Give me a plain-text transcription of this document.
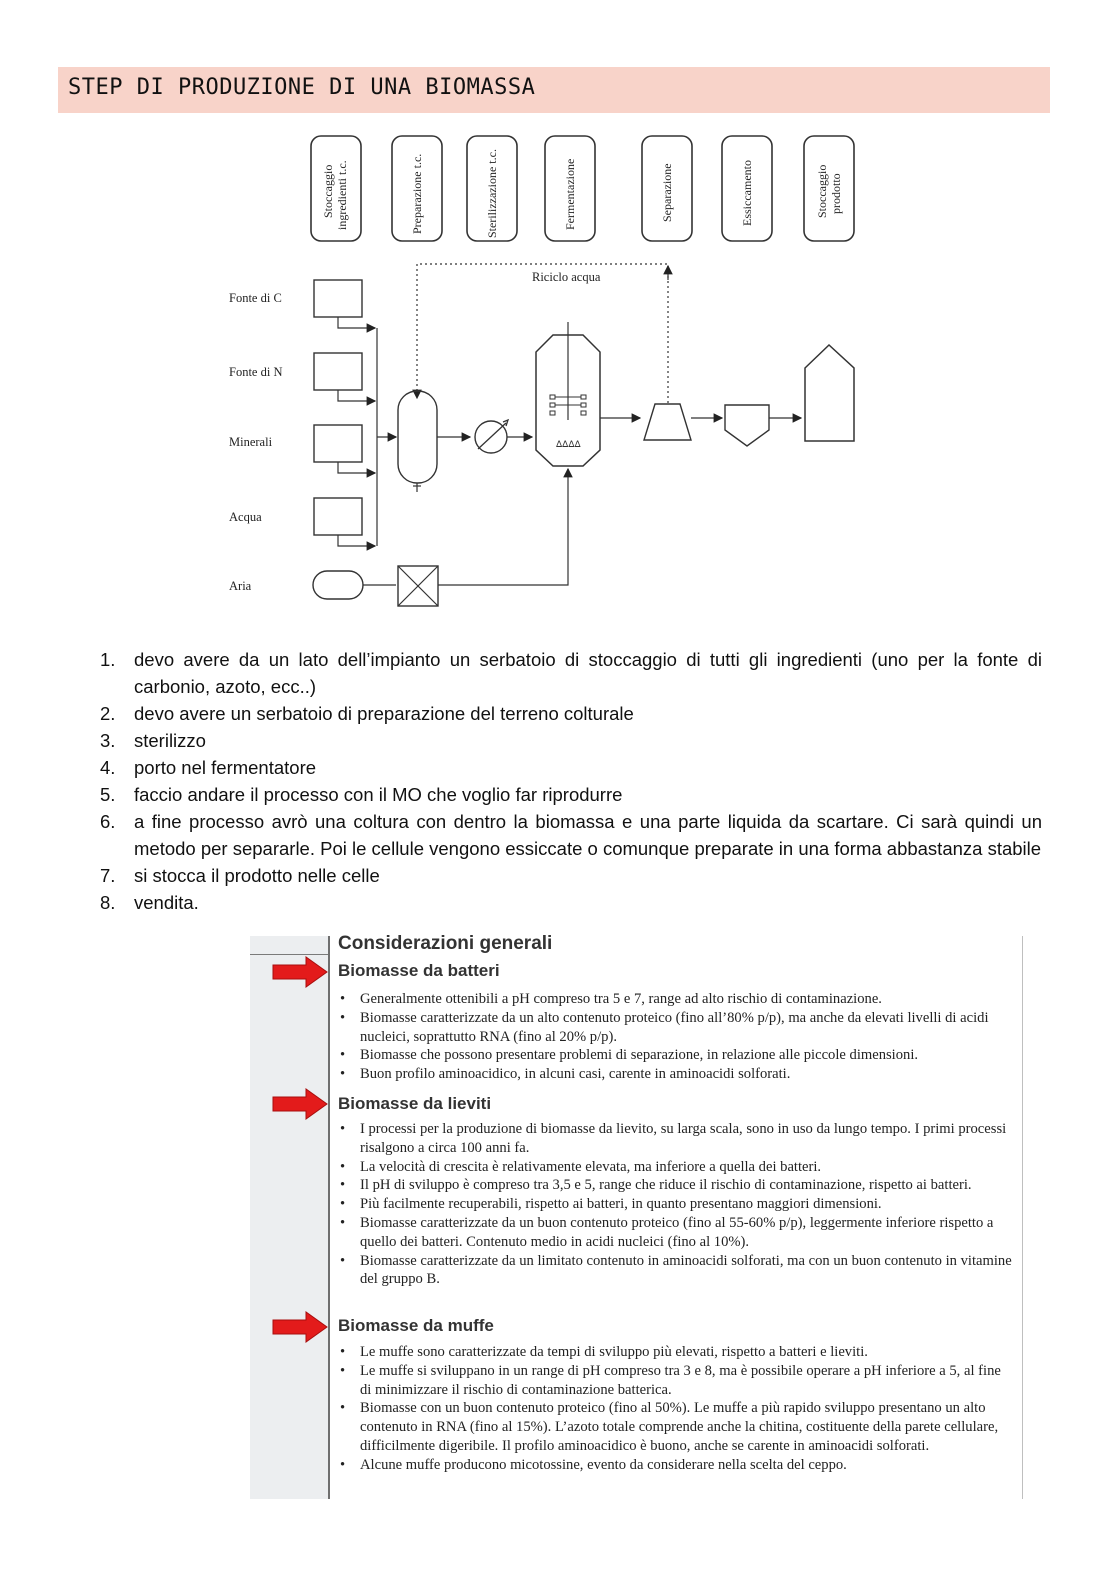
STEP DI PRODUZIONE DI UNA BIOMASSA
Stoccaggio ingredienti t.c.	Preparazione t.c.	Sterilizzazione t.c.	Fermentazione	Separazione	Essiccamento	Stoccaggio prodotto
Riciclo acqua
Fonte di C
Fonte di N
Minerali
Acqua
Aria
ᐃᐃᐃᐃ
1. devo avere da un lato dell’impianto un serbatoio di stoccaggio di tutti gli ingredienti (uno per la fonte di carbonio, azoto, ecc..)
2. devo avere un serbatoio di preparazione del terreno colturale
3. sterilizzo
4. porto nel fermentatore
5. faccio andare il processo con il MO che voglio far riprodurre
6. a fine processo avrò una coltura con dentro la biomassa e una parte liquida da scartare. Ci sarà quindi un metodo per separarle. Poi le cellule vengono essiccate o comunque preparate in una forma abbastanza stabile
7. si stocca il prodotto nelle celle
8. vendita.
Considerazioni generali
Biomasse da batteri
• Generalmente ottenibili a pH compreso tra 5 e 7, range ad alto rischio di contaminazione.
• Biomasse caratterizzate da un alto contenuto proteico (fino all’80% p/p), ma anche da elevati livelli di acidi nucleici, soprattutto RNA (fino al 20% p/p).
• Biomasse che possono presentare problemi di separazione, in relazione alle piccole dimensioni.
• Buon profilo aminoacidico, in alcuni casi, carente in aminoacidi solforati.
Biomasse da lieviti
• I processi per la produzione di biomasse da lievito, su larga scala, sono in uso da lungo tempo. I primi processi risalgono a circa 100 anni fa.
• La velocità di crescita è relativamente elevata, ma inferiore a quella dei batteri.
• Il pH di sviluppo è compreso tra 3,5 e 5, range che riduce il rischio di contaminazione, rispetto ai batteri.
• Più facilmente recuperabili, rispetto ai batteri, in quanto presentano maggiori dimensioni.
• Biomasse caratterizzate da un buon contenuto proteico (fino al 55-60% p/p), leggermente inferiore rispetto a quello dei batteri. Contenuto medio in acidi nucleici (fino al 10%).
• Biomasse caratterizzate da un limitato contenuto in aminoacidi solforati, ma con un buon contenuto in vitamine del gruppo B.
Biomasse da muffe
• Le muffe sono caratterizzate da tempi di sviluppo più elevati, rispetto a batteri e lieviti.
• Le muffe si sviluppano in un range di pH compreso tra 3 e 8, ma è possibile operare a pH inferiore a 5, al fine di minimizzare il rischio di contaminazione batterica.
• Biomasse con un buon contenuto proteico (fino al 50%). Le muffe a più rapido sviluppo presentano un alto contenuto in RNA (fino al 15%). L’azoto totale comprende anche la chitina, costituente della parete cellulare, difficilmente digeribile. Il profilo aminoacidico è buono, anche se carente in aminoacidi solforati.
• Alcune muffe producono micotossine, evento da considerare nella scelta del ceppo.
